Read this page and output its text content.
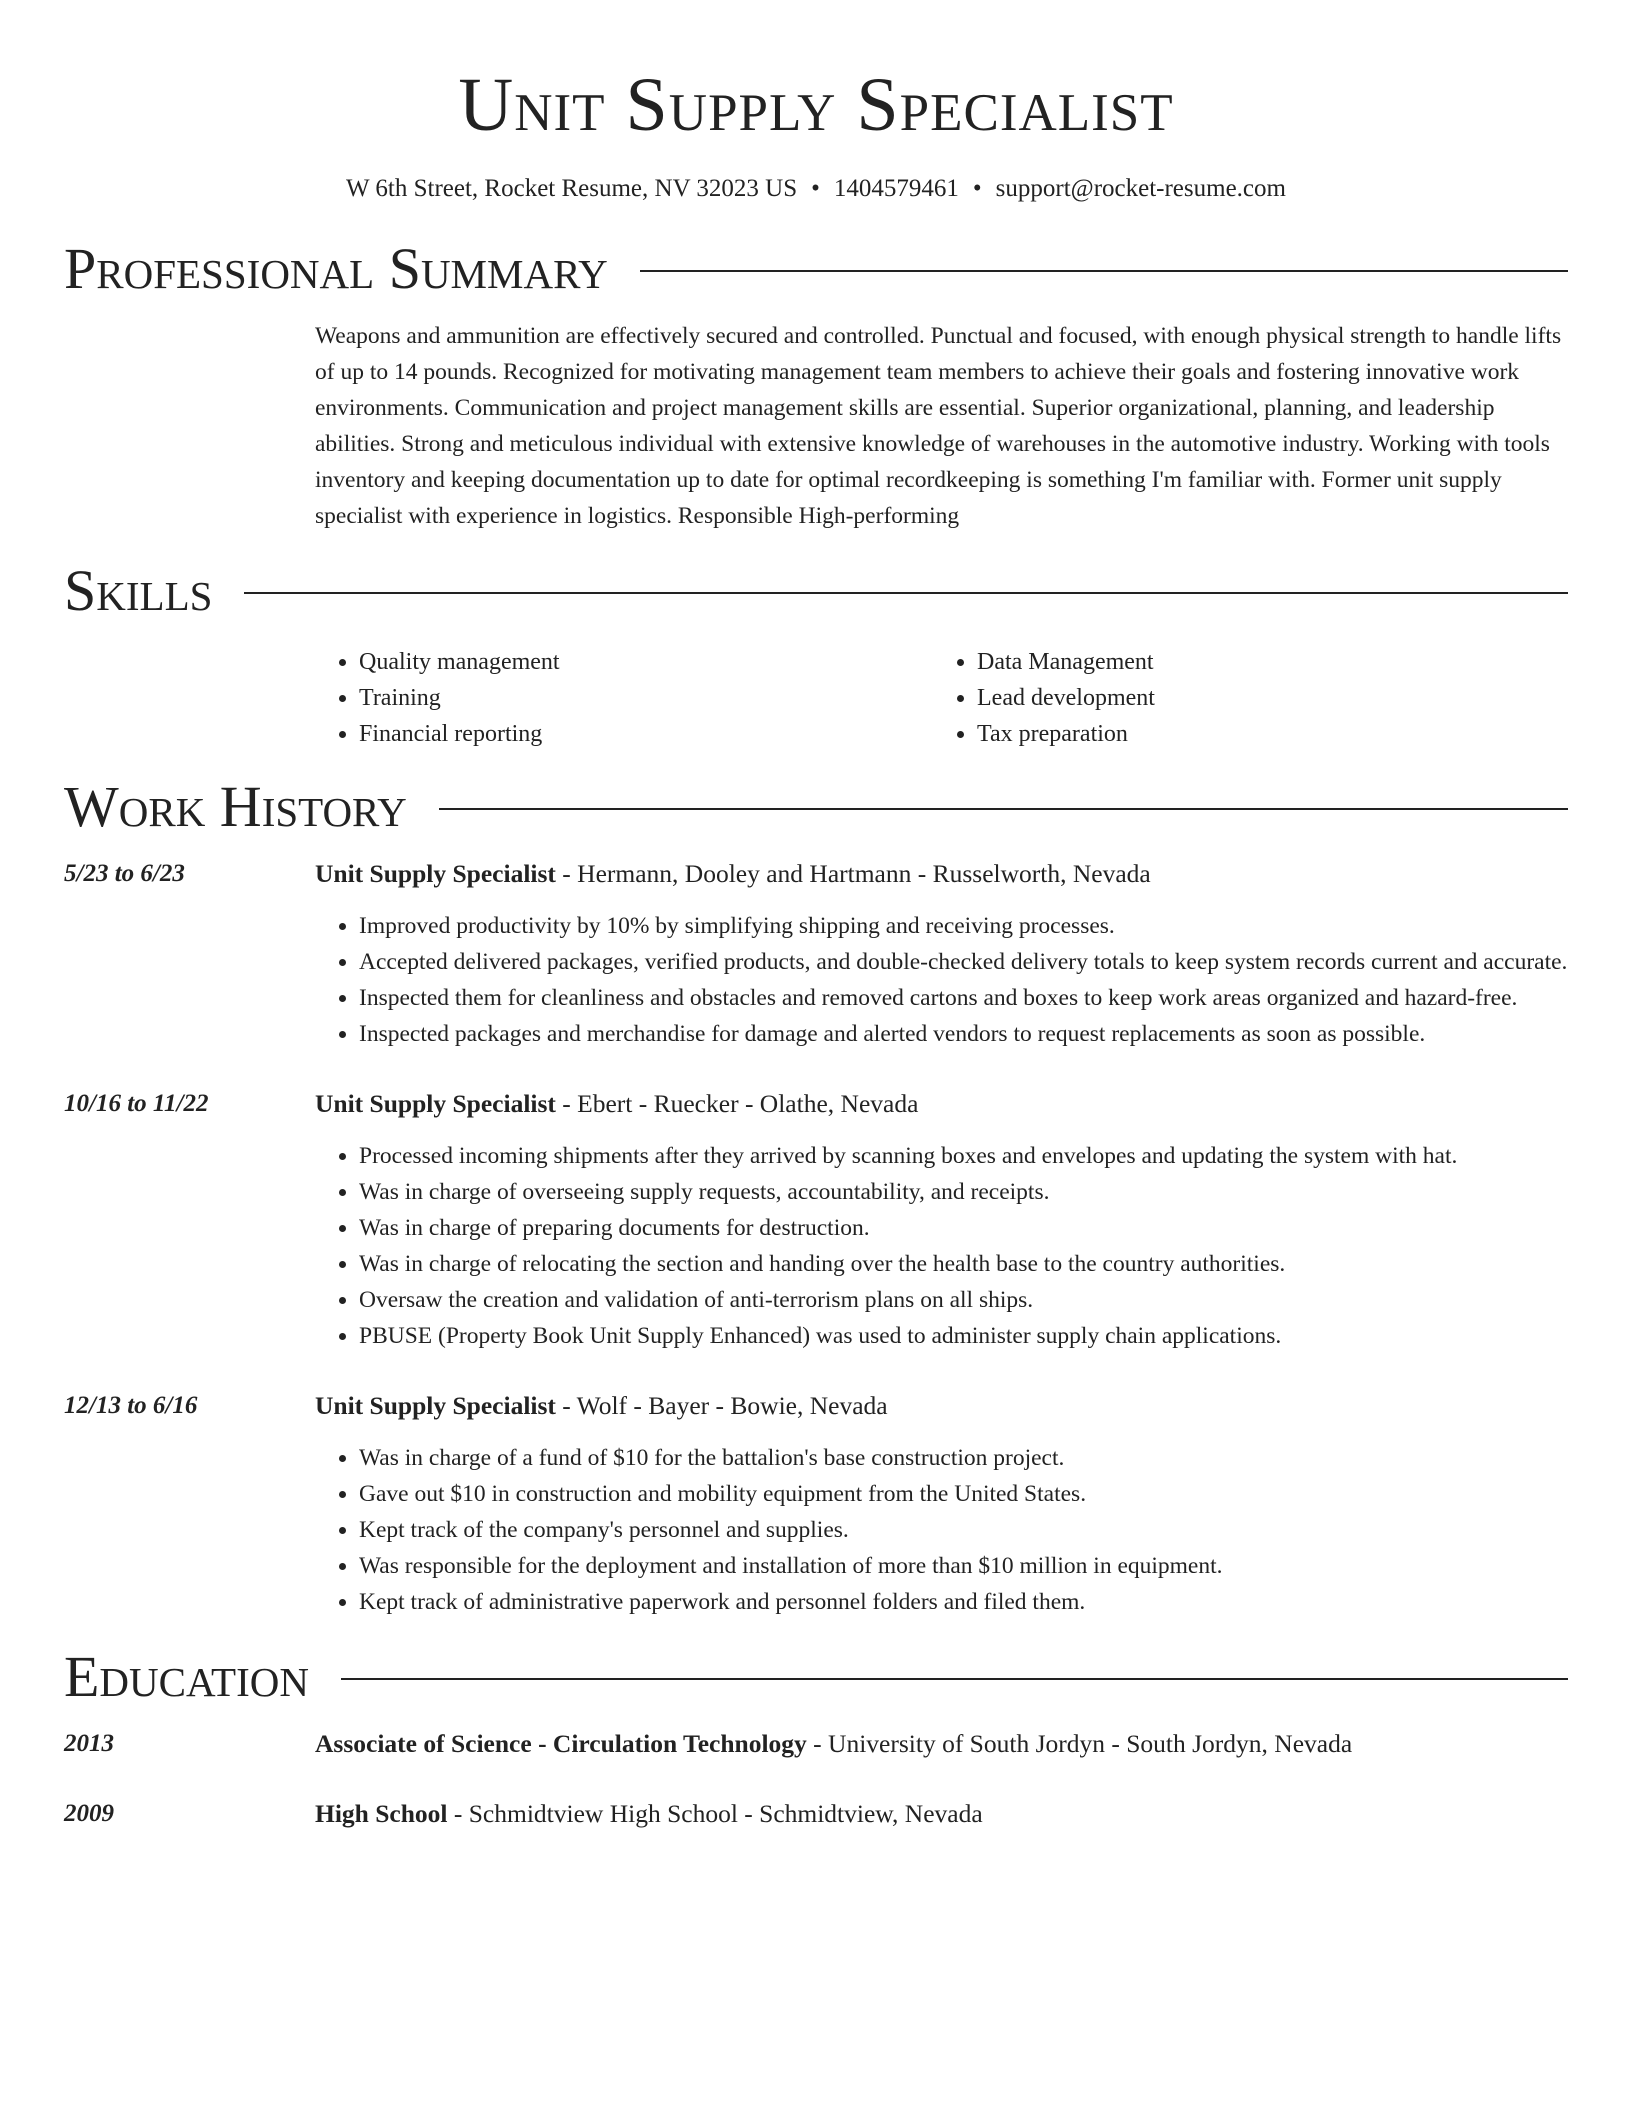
Unit Supply Specialist
W 6th Street, Rocket Resume, NV 32023 US • 1404579461 • support@rocket-resume.com
Professional Summary
Weapons and ammunition are effectively secured and controlled. Punctual and focused, with enough physical strength to handle lifts of up to 14 pounds. Recognized for motivating management team members to achieve their goals and fostering innovative work environments. Communication and project management skills are essential. Superior organizational, planning, and leadership abilities. Strong and meticulous individual with extensive knowledge of warehouses in the automotive industry. Working with tools inventory and keeping documentation up to date for optimal recordkeeping is something I'm familiar with. Former unit supply specialist with experience in logistics. Responsible High-performing
Skills
• Quality management
• Training
• Financial reporting
• Data Management
• Lead development
• Tax preparation
Work History
5/23 to 6/23	Unit Supply Specialist - Hermann, Dooley and Hartmann - Russelworth, Nevada
• Improved productivity by 10% by simplifying shipping and receiving processes.
• Accepted delivered packages, verified products, and double-checked delivery totals to keep system records current and accurate.
• Inspected them for cleanliness and obstacles and removed cartons and boxes to keep work areas organized and hazard-free.
• Inspected packages and merchandise for damage and alerted vendors to request replacements as soon as possible.
10/16 to 11/22	Unit Supply Specialist - Ebert - Ruecker - Olathe, Nevada
• Processed incoming shipments after they arrived by scanning boxes and envelopes and updating the system with hat.
• Was in charge of overseeing supply requests, accountability, and receipts.
• Was in charge of preparing documents for destruction.
• Was in charge of relocating the section and handing over the health base to the country authorities.
• Oversaw the creation and validation of anti-terrorism plans on all ships.
• PBUSE (Property Book Unit Supply Enhanced) was used to administer supply chain applications.
12/13 to 6/16	Unit Supply Specialist - Wolf - Bayer - Bowie, Nevada
• Was in charge of a fund of $10 for the battalion's base construction project.
• Gave out $10 in construction and mobility equipment from the United States.
• Kept track of the company's personnel and supplies.
• Was responsible for the deployment and installation of more than $10 million in equipment.
• Kept track of administrative paperwork and personnel folders and filed them.
Education
2013	Associate of Science - Circulation Technology - University of South Jordyn - South Jordyn, Nevada
2009	High School - Schmidtview High School - Schmidtview, Nevada
